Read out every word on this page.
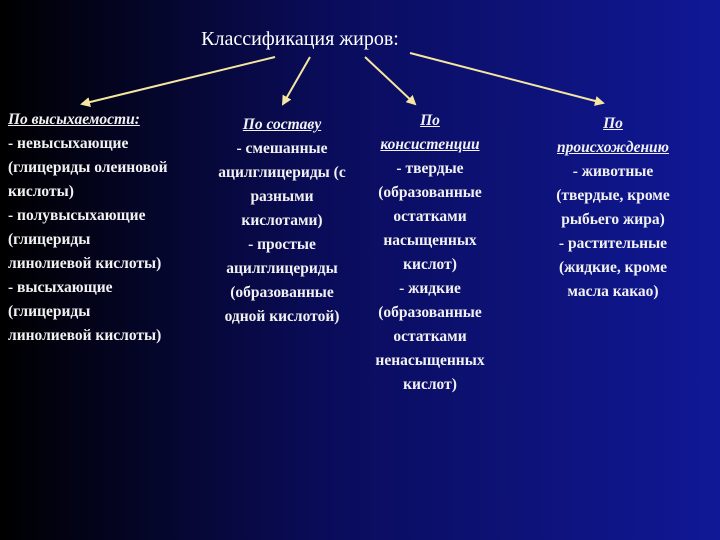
Классификация жиров:
По высыхаемости:
- невысыхающие
(глицериды олеиновой
кислоты)
- полувысыхающие
(глицериды
линолиевой кислоты)
- высыхающие
(глицериды
линолиевой кислоты)
По составу
- смешанные
ацилглицериды (с
разными
кислотами)
- простые
ацилглицериды
(образованные
одной кислотой)
По
консистенции
- твердые
(образованные
остатками
насыщенных
кислот)
- жидкие
(образованные
остатками
ненасыщенных
кислот)
По
происхождению
- животные
(твердые, кроме
рыбьего жира)
- растительные
(жидкие, кроме
масла какао)
